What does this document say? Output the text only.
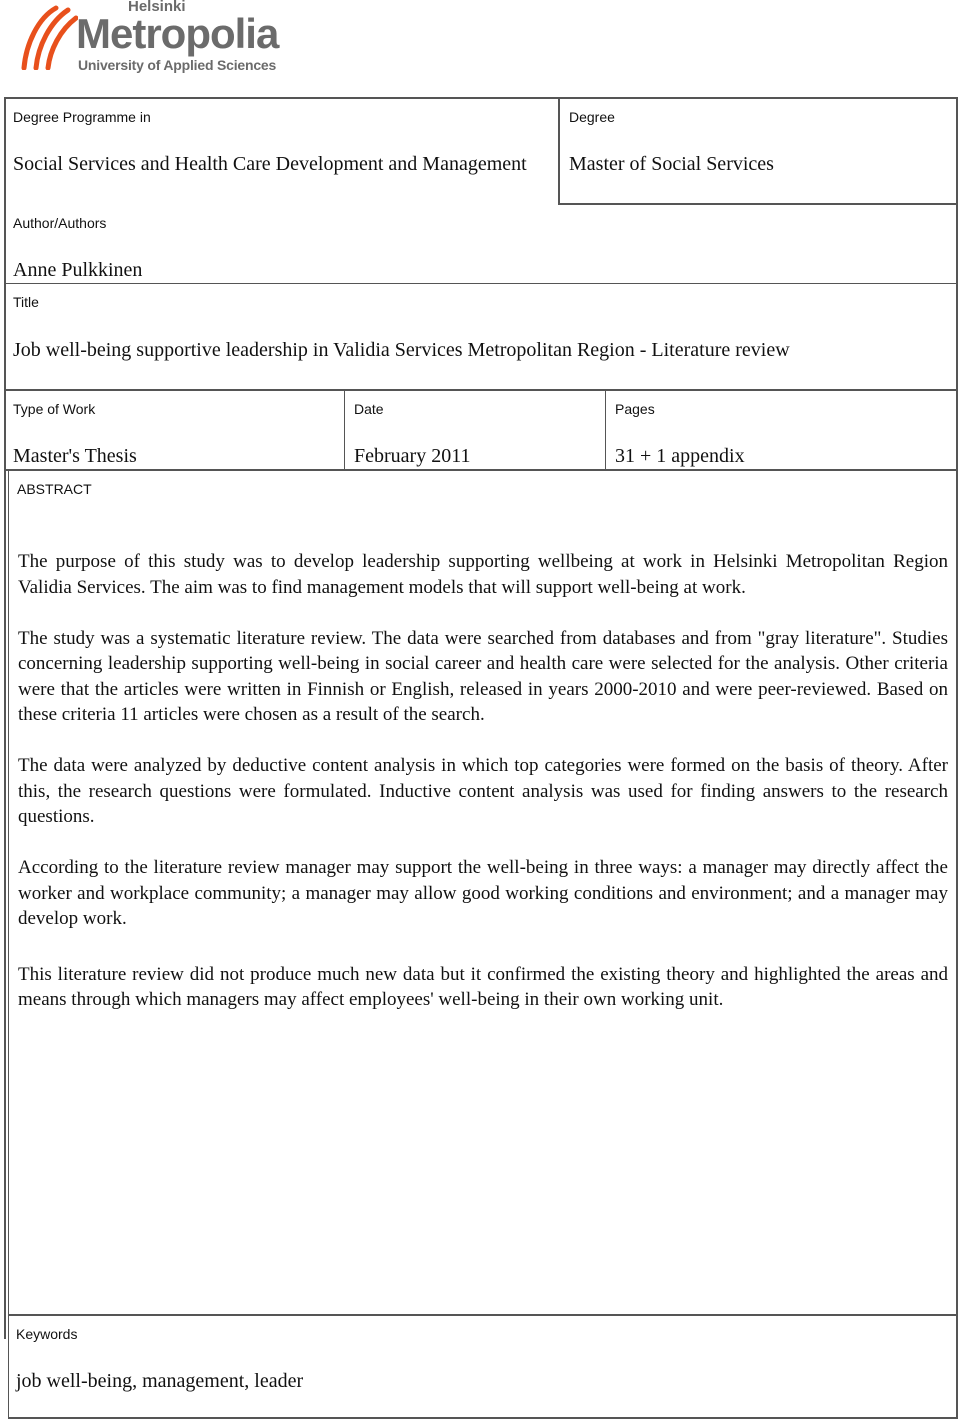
Helsinki
Metropolia
University of Applied Sciences
Degree Programme in
Social Services and Health Care Development and Management
Degree
Master of Social Services
Author/Authors
Anne Pulkkinen
Title
Job well-being supportive leadership in Validia Services Metropolitan Region - Literature review
Type of Work
Master's Thesis
Date
February 2011
Pages
31 + 1 appendix
ABSTRACT

The purpose of this study was to develop leadership supporting wellbeing at work in Helsinki Metropolitan Region Validia Services. The aim was to find management models that will support well-being at work.

The study was a systematic literature review. The data were searched from databases and from "gray literature". Studies concerning leadership supporting well-being in social career and health care were selected for the analysis. Other criteria were that the articles were written in Finnish or English, released in years 2000-2010 and were peer-reviewed. Based on these criteria 11 articles were chosen as a result of the search.

The data were analyzed by deductive content analysis in which top categories were formed on the basis of theory. After this, the research questions were formulated. Inductive content analysis was used for finding answers to the research questions.

According to the literature review manager may support the well-being in three ways: a manager may directly affect the worker and workplace community; a manager may allow good working conditions and environment; and a manager may develop work.

This literature review did not produce much new data but it confirmed the existing theory and highlighted the areas and means through which managers may affect employees' well-being in their own working unit.

Keywords
job well-being, management, leader
